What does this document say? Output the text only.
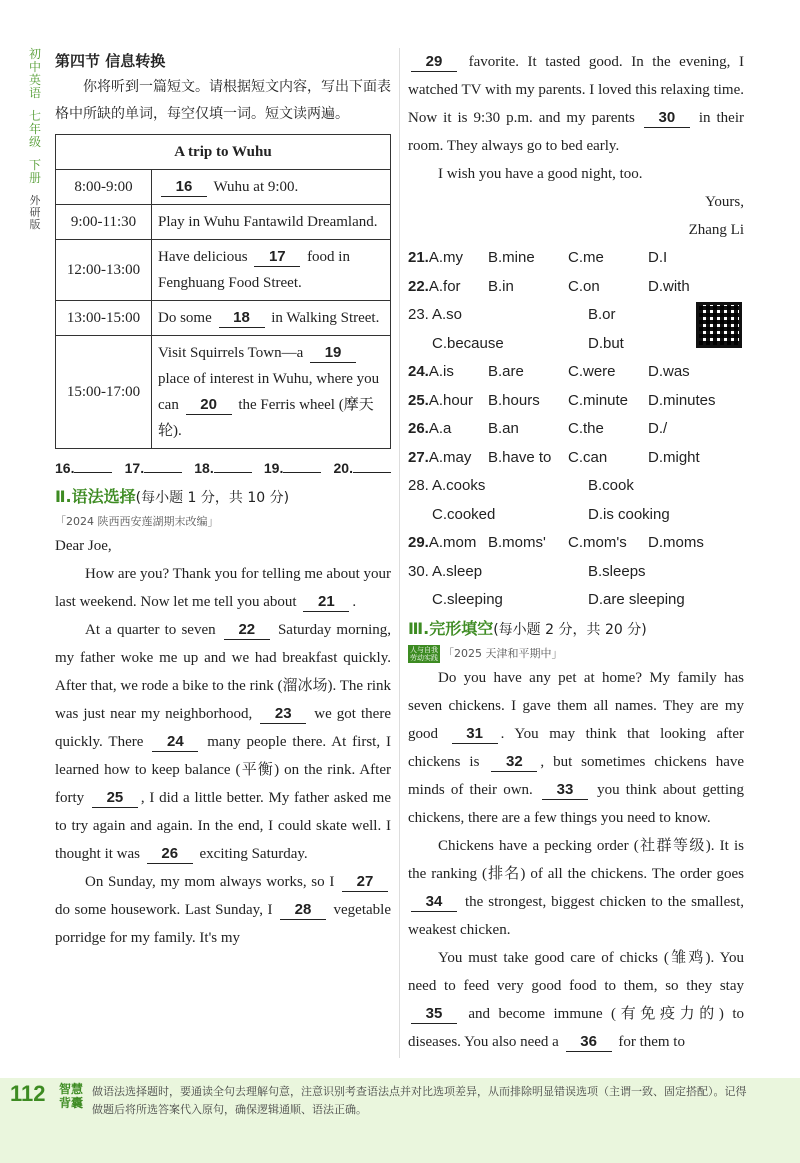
初
中
英
语
七
年
级
下
册
外
研
版
第四节 信息转换
你将听到一篇短文。请根据短文内容，写出下面表格中所缺的单词，每空仅填一词。短文读两遍。
A trip to Wuhu	
8:00-9:00	16 Wuhu at 9:00.
9:00-11:30	Play in Wuhu Fantawild Dreamland.
12:00-13:00	Have delicious 17 food in Fenghuang Food Street.
13:00-15:00	Do some 18 in Walking Street.
15:00-17:00	Visit Squirrels Town—a 19 place of interest in Wuhu, where you can 20 the Ferris wheel (摩天轮).
16.	17.	18.	19.	20.
Ⅱ.语法选择(每小题 1 分，共 10 分)
「2024 陕西西安莲湖期末改编」
Dear Joe,
How are you? Thank you for telling me about your last weekend. Now let me tell you about 21 .
At a quarter to seven 22 Saturday morning, my father woke me up and we had breakfast quickly. After that, we rode a bike to the rink (溜冰场). The rink was just near my neighborhood, 23 we got there quickly. There 24 many people there. At first, I learned how to keep balance (平衡) on the rink. After forty 25 , I did a little better. My father asked me to try again and again. In the end, I could skate well. I thought it was 26 exciting Saturday.
On Sunday, my mom always works, so I 27 do some housework. Last Sunday, I 28 vegetable porridge for my family. It's my
29 favorite. It tasted good. In the evening, I watched TV with my parents. I loved this relaxing time. Now it is 9:30 p.m. and my parents 30 in their room. They always go to bed early.
I wish you have a good night, too.
Yours,
Zhang Li
21.A.my	B.mine	C.me	D.I
22.A.for	B.in	C.on	D.with
23. A.so	B.or
C.because	D.but
24.A.is	B.are	C.were	D.was
25.A.hour B.hours	C.minute	D.minutes
26.A.a	B.an	C.the	D./
27.A.may	B.have to	C.can	D.might
28. A.cooks	B.cook
C.cooked	D.is cooking
29.A.mom B.moms'	C.mom's	D.moms
30. A.sleep	B.sleeps
C.sleeping	D.are sleeping
Ⅲ.完形填空(每小题 2 分，共 20 分)
人与自我 劳动实践 「2025 天津和平期中」
Do you have any pet at home? My family has seven chickens. I gave them all names. They are my good 31 . You may think that looking after chickens is 32 , but sometimes chickens have minds of their own. 33 you think about getting chickens, there are a few things you need to know.
Chickens have a pecking order (社群等级). It is the ranking (排名) of all the chickens. The order goes 34 the strongest, biggest chicken to the smallest, weakest chicken.
You must take good care of chicks (雏鸡). You need to feed very good food to them, so they stay 35 and become immune (有免疫力的) to diseases. You also need a 36 for them to
112 智慧背囊
做语法选择题时，要通读全句去理解句意，注意识别考查语法点并对比选项差异，从而排除明显错误选项（主谓一致、固定搭配）。记得做题后将所选答案代入原句，确保逻辑通顺、语法正确。
